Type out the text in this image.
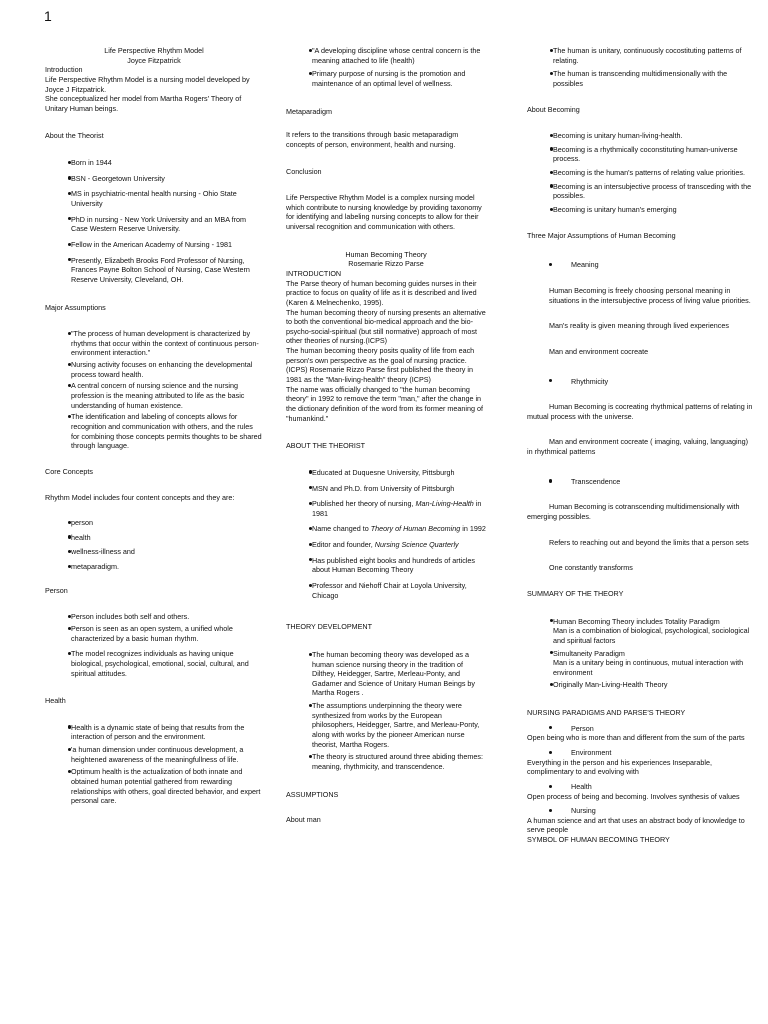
1
Life Perspective Rhythm Model
Joyce Fitzpatrick
Introduction
Life Perspective Rhythm Model is a nursing model developed by Joyce J Fitzpatrick.
She conceptualized her model from Martha Rogers' Theory of Unitary Human beings.
About the Theorist
Born in 1944
BSN - Georgetown University
MS in psychiatric-mental health nursing - Ohio State University
PhD in nursing - New York University and an MBA from Case Western Reserve University.
Fellow in the American Academy of Nursing - 1981
Presently, Elizabeth Brooks Ford Professor of Nursing, Frances Payne Bolton School of Nursing, Case Western Reserve University, Cleveland, OH.
Major Assumptions
"The process of human development is characterized by rhythms that occur within the context of continuous person-environment interaction."
Nursing activity focuses on enhancing the developmental process toward health.
A central concern of nursing science and the nursing profession is the meaning attributed to life as the basic understanding of human existence.
The identification and labeling of concepts allows for recognition and communication with others, and the rules for combining those concepts permits thoughts to be shared through language.
Core Concepts
Rhythm Model includes four content concepts and they are:
person
health
wellness-illness and
metaparadigm.
Person
Person includes both self and others.
Person is seen as an open system, a unified whole characterized by a basic human rhythm.
The model recognizes individuals as having unique biological, psychological, emotional, social, cultural, and spiritual attitudes.
Health
Health is a dynamic state of being that results from the interaction of person and the environment.
'a human dimension under continuous development, a heightened awareness of the meaningfullness of life.
Optimum health is the actualization of both innate and obtained human potential gathered from rewarding relationships with others, goal directed behavior, and expert personal care.
"A developing discipline whose central concern is the meaning attached to life (health)
Primary purpose of nursing is the promotion and maintenance of an optimal level of wellness.
Metaparadigm
It refers to the transitions through basic metaparadigm concepts of person, environment, health and nursing.
Conclusion
Life Perspective Rhythm Model is a complex nursing model which contribute to nursing knowledge by providing taxonomy for identifying and labeling nursing concepts to allow for their universal recognition and communication with others.
Human Becoming Theory
Rosemarie Rizzo Parse
INTRODUCTION
The Parse theory of human becoming guides nurses in their practice to focus on quality of life as it is described and lived (Karen & Melnechenko, 1995).
The human becoming theory of nursing presents an alternative to both the conventional bio-medical approach and the bio-psycho-social-spiritual (but still normative) approach of most other theories of nursing.(ICPS)
The human becoming theory posits quality of life from each person's own perspective as the goal of nursing practice.(ICPS) Rosemarie Rizzo Parse first published the theory in 1981 as the "Man-living-health" theory (ICPS)
The name was officially changed to "the human becoming theory" in 1992 to remove the term "man," after the change in the dictionary definition of the word from its former meaning of "humankind."
ABOUT THE THEORIST
Educated at Duquesne University, Pittsburgh
MSN and Ph.D. from University of Pittsburgh
Published her theory of nursing, Man-Living-Health in 1981
Name changed to Theory of Human Becoming in 1992
Editor and founder, Nursing Science Quarterly
Has published eight books and hundreds of articles about Human Becoming Theory
Professor and Niehoff Chair at Loyola University, Chicago
THEORY DEVELOPMENT
The human becoming theory was developed as a human science nursing theory in the tradition of Dilthey, Heidegger, Sartre, Merleau-Ponty, and Gadamer and Science of Unitary Human Beings by Martha Rogers .
The assumptions underpinning the theory were synthesized from works by the European philosophers, Heidegger, Sartre, and Merleau-Ponty, along with works by the pioneer American nurse theorist, Martha Rogers.
The theory is structured around three abiding themes: meaning, rhythmicity, and transcendence.
ASSUMPTIONS
About man
The human is unitary, continuously cocostituting patterns of relating.
The human is transcending multidimensionally with the possibles
About Becoming
Becoming is unitary human-living-health.
Becoming is a rhythmically coconstituting human-universe process.
Becoming is the human's patterns of relating value priorities.
Becoming is an intersubjective process of transceding with the possibles.
Becoming is unitary human's emerging
Three Major Assumptions of Human Becoming
Meaning
Human Becoming is freely choosing personal meaning in situations in the intersubjective process of living value priorities.
Man's reality is given meaning through lived experiences
Man and environment cocreate
Rhythmicity
Human Becoming is cocreating rhythmical patterns of relating in mutual process with the universe.
Man and environment cocreate ( imaging, valuing, languaging) in rhythmical patterns
Transcendence
Human Becoming is cotranscending multidimensionally with emerging possibles.
Refers to reaching out and beyond the limits that a person sets
One constantly transforms
SUMMARY OF THE THEORY
Human Becoming Theory includes Totality Paradigm
Man is a combination of biological, psychological, sociological and spiritual factors
Simultaneity Paradigm
Man is a unitary being in continuous, mutual interaction with environment
Originally Man-Living-Health Theory
NURSING PARADIGMS AND PARSE'S THEORY
Person
Open being who is more than and different from the sum of the parts
Environment
Everything in the person and his experiences Inseparable, complimentary to and evolving with
Health
Open process of being and becoming. Involves synthesis of values
Nursing
A human science and art that uses an abstract body of knowledge to serve people
SYMBOL OF HUMAN BECOMING THEORY
